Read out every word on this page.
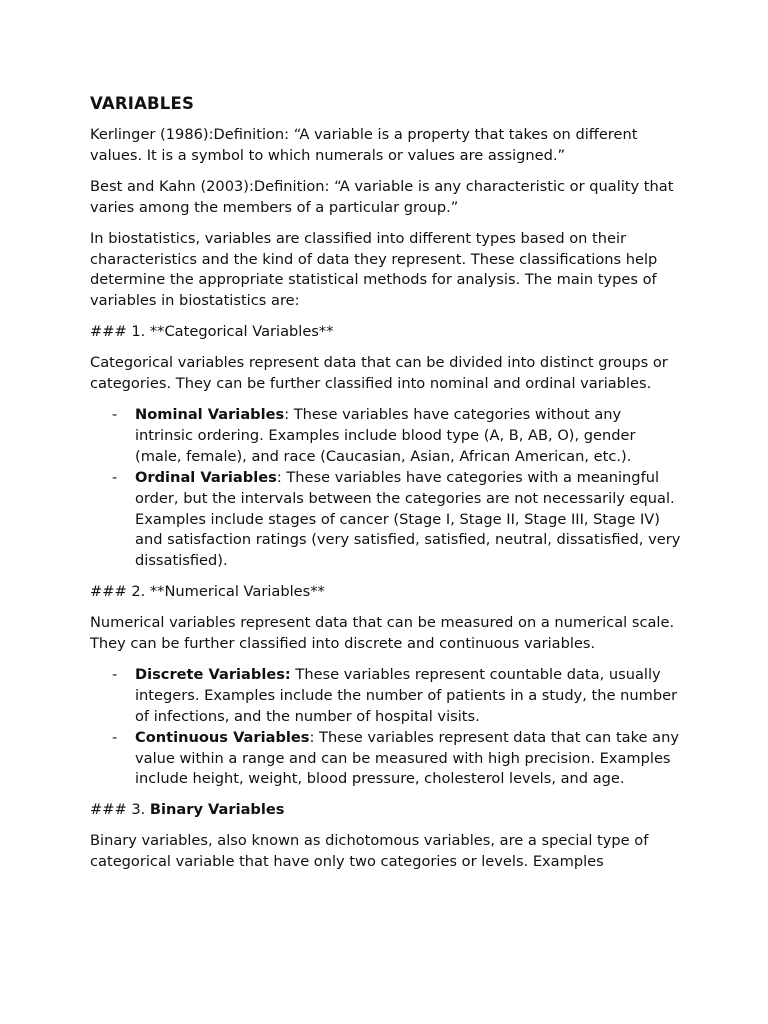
VARIABLES

Kerlinger (1986):Definition: “A variable is a property that takes on different values. It is a symbol to which numerals or values are assigned.”

Best and Kahn (2003):Definition: “A variable is any characteristic or quality that varies among the members of a particular group.”

In biostatistics, variables are classified into different types based on their characteristics and the kind of data they represent. These classifications help determine the appropriate statistical methods for analysis. The main types of variables in biostatistics are:

### 1. **Categorical Variables**

Categorical variables represent data that can be divided into distinct groups or categories. They can be further classified into nominal and ordinal variables.

- Nominal Variables: These variables have categories without any intrinsic ordering. Examples include blood type (A, B, AB, O), gender (male, female), and race (Caucasian, Asian, African American, etc.).
- Ordinal Variables: These variables have categories with a meaningful order, but the intervals between the categories are not necessarily equal. Examples include stages of cancer (Stage I, Stage II, Stage III, Stage IV) and satisfaction ratings (very satisfied, satisfied, neutral, dissatisfied, very dissatisfied).

### 2. **Numerical Variables**

Numerical variables represent data that can be measured on a numerical scale. They can be further classified into discrete and continuous variables.

- Discrete Variables: These variables represent countable data, usually integers. Examples include the number of patients in a study, the number of infections, and the number of hospital visits.
- Continuous Variables: These variables represent data that can take any value within a range and can be measured with high precision. Examples include height, weight, blood pressure, cholesterol levels, and age.

### 3. Binary Variables

Binary variables, also known as dichotomous variables, are a special type of categorical variable that have only two categories or levels. Examples
